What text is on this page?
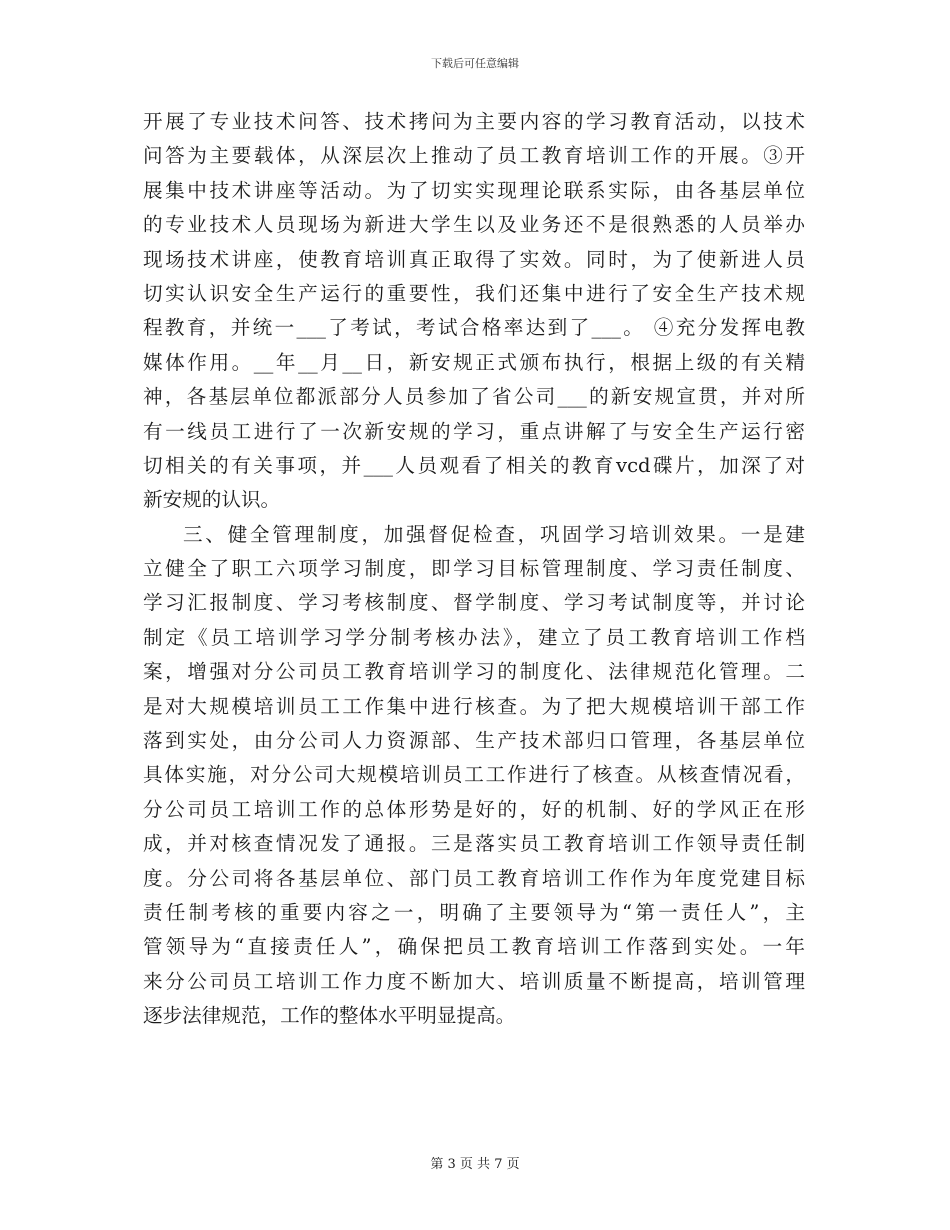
下载后可任意编辑
开展了专业技术问答、技术拷问为主要内容的学习教育活动，以技术
问答为主要载体，从深层次上推动了员工教育培训工作的开展。③开
展集中技术讲座等活动。为了切实实现理论联系实际，由各基层单位
的专业技术人员现场为新进大学生以及业务还不是很熟悉的人员举办
现场技术讲座，使教育培训真正取得了实效。同时，为了使新进人员
切实认识安全生产运行的重要性，我们还集中进行了安全生产技术规
程教育，并统一___了考试，考试合格率达到了___。 ④充分发挥电教
媒体作用。__年__月__日，新安规正式颁布执行，根据上级的有关精
神，各基层单位都派部分人员参加了省公司___的新安规宣贯，并对所
有一线员工进行了一次新安规的学习，重点讲解了与安全生产运行密
切相关的有关事项，并___人员观看了相关的教育vcd碟片，加深了对
新安规的认识。
三、健全管理制度，加强督促检查，巩固学习培训效果。一是建
立健全了职工六项学习制度，即学习目标管理制度、学习责任制度、
学习汇报制度、学习考核制度、督学制度、学习考试制度等，并讨论
制定《员工培训学习学分制考核办法》，建立了员工教育培训工作档
案，增强对分公司员工教育培训学习的制度化、法律规范化管理。二
是对大规模培训员工工作集中进行核查。为了把大规模培训干部工作
落到实处，由分公司人力资源部、生产技术部归口管理，各基层单位
具体实施，对分公司大规模培训员工工作进行了核查。从核查情况看，
分公司员工培训工作的总体形势是好的，好的机制、好的学风正在形
成，并对核查情况发了通报。三是落实员工教育培训工作领导责任制
度。分公司将各基层单位、部门员工教育培训工作作为年度党建目标
责任制考核的重要内容之一，明确了主要领导为“第一责任人”，主
管领导为“直接责任人”，确保把员工教育培训工作落到实处。一年
来分公司员工培训工作力度不断加大、培训质量不断提高，培训管理
逐步法律规范，工作的整体水平明显提高。
第 3 页 共 7 页
